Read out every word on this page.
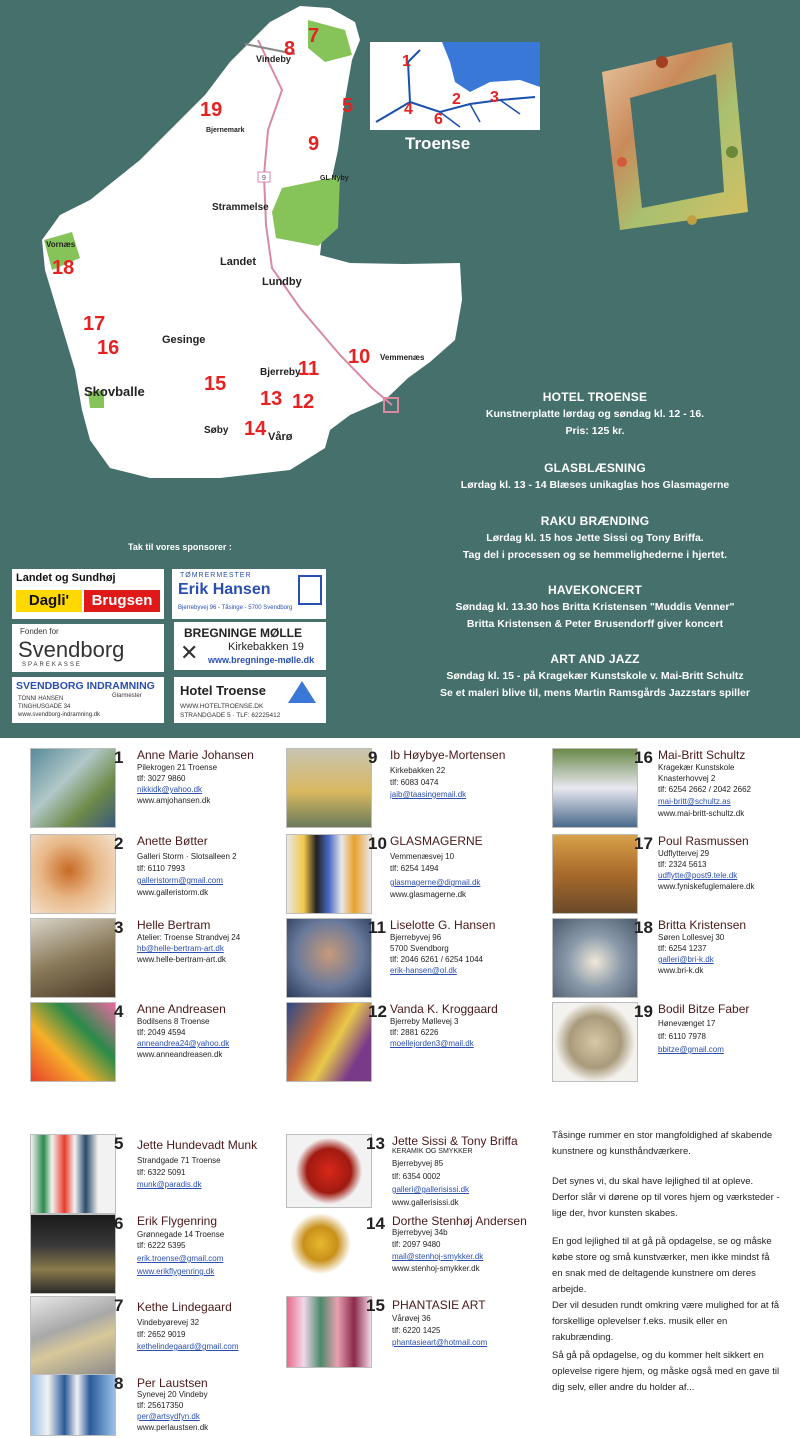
9
Vindeby
Bjernemark
GL Nyby
Strammelse
Vornæs
Landet
Lundby
Gesinge
Vemmenæs
Skovballe
Bjerreby
Søby
Vårø
7
8
5
19
9
18
17
16	10
11
15
13 12
14
1
2 3
4
6
Troense
HOTEL TROENSE

Kunstnerplatte lørdag og søndag kl. 12 - 16.
Pris: 125 kr.

GLASBLÆSNING

Lørdag kl. 13 - 14 Blæses unikaglas hos Glasmagerne

RAKU BRÆNDING

Lørdag kl. 15 hos Jette Sissi og Tony Briffa.
Tag del i processen og se hemmelighederne i hjertet.

HAVEKONCERT

Søndag kl. 13.30 hos Britta Kristensen "Muddis Venner"
Britta Kristensen & Peter Brusendorff giver koncert

ART AND JAZZ

Søndag kl. 15 - på Kragekær Kunstskole v. Mai-Britt Schultz
Se et maleri blive til, mens Martin Ramsgårds Jazzstars spiller

Tak til vores sponsorer :
Landet og Sundhøj
Dagli'	Brugsen
TØMRERMESTER
Erik Hansen
Bjerrebyvej 96 - Tåsinge - 5700 Svendborg
Fonden for
Svendborg
SPAREKASSE
BREGNINGE MØLLE
✕	Kirkebakken 19
www.bregninge-mølle.dk
SVENDBORG INDRAMNING
Glarmester
TONNI HANSEN
TINGHUSGADE 34
www.svendborg-indramning.dk
Hotel Troense
WWW.HOTELTROENSE.DK
STRANDGADE 5 · TLF: 62225412
1 Anne Marie Johansen
Pilekrogen 21 Troense
tlf: 3027 9860
nikkidk@yahoo.dk
www.amjohansen.dk
2 Anette Bøtter
Galleri Storm · Slotsalleen 2
tlf: 6110 7993
galleristorm@gmail.com
www.galleristorm.dk
3 Helle Bertram
Atelier: Troense Strandvej 24
hb@helle-bertram-art.dk
www.helle-bertram-art.dk
4 Anne Andreasen
Bodilsens 8 Troense
tlf: 2049 4594
anneandrea24@yahoo.dk
www.anneandreasen.dk
9 Ib Høybye-Mortensen
Kirkebakken 22
tlf: 6083 0474
jaib@taasingemail.dk
10 GLASMAGERNE
Vemmenæsvej 10
tlf: 6254 1494
glasmagerne@digmail.dk
www.glasmagerne.dk
11 Liselotte G. Hansen
Bjerrebyvej 96
5700 Svendborg
tlf: 2046 6261 / 6254 1044
erik-hansen@ol.dk
12 Vanda K. Kroggaard
Bjerreby Møllevej 3
tlf: 2881 6226
moellejorden3@mail.dk
16 Mai-Britt Schultz
Kragekær Kunstskole
Knasterhovvej 2
tlf: 6254 2662 / 2042 2662
mai-britt@schultz.as
www.mai-britt-schultz.dk
17 Poul Rasmussen
Udflyttervej 29
tlf: 2324 5613
udflytte@post9.tele.dk
www.fyniskefuglemalere.dk
18 Britta Kristensen
Søren Lollesvej 30
tlf: 6254 1237
galleri@bri-k.dk
www.bri-k.dk
19 Bodil Bitze Faber
Hønevænget 17
tlf: 6110 7978
bbitze@gmail.com
5 Jette Hundevadt Munk
Strandgade 71 Troense
tlf: 6322 5091
munk@paradis.dk
6 Erik Flygenring
Grønnegade 14 Troense
tlf: 6222 5395
erik.troense@gmail.com
www.erikflygenring.dk
7 Kethe Lindegaard
Vindebyørevej 32
tlf: 2652 9019
kethelindegaard@gmail.com
8 Per Laustsen
Synevej 20 Vindeby
tlf: 25617350
per@artsydfyn.dk
www.perlaustsen.dk
13 Jette Sissi & Tony Briffa
KERAMIK OG SMYKKER
Bjerrebyvej 85
tlf: 6354 0002
galleri@gallerisissi.dk
www.gallerisissi.dk
14 Dorthe Stenhøj Andersen
Bjerrebyvej 34b
tlf: 2097 9480
mail@stenhoj-smykker.dk
www.stenhoj-smykker.dk
15 PHANTASIE ART
Vårøvej 36
tlf: 6220 1425
phantasieart@hotmail.com

Tåsinge rummer en stor mangfoldighed af skabende kunstnere og kunsthåndværkere.

Det synes vi, du skal have lejlighed til at opleve. Derfor slår vi dørene op til vores hjem og værksteder - lige der, hvor kunsten skabes.

En god lejlighed til at gå på opdagelse, se og måske købe store og små kunstværker, men ikke mindst få en snak med de deltagende kunstnere om deres arbejde.

Der vil desuden rundt omkring være mulighed for at få forskellige oplevelser f.eks. musik eller en rakubrænding.

Så gå på opdagelse, og du kommer helt sikkert en oplevelse rigere hjem, og måske også med en gave til dig selv, eller andre du holder af...
